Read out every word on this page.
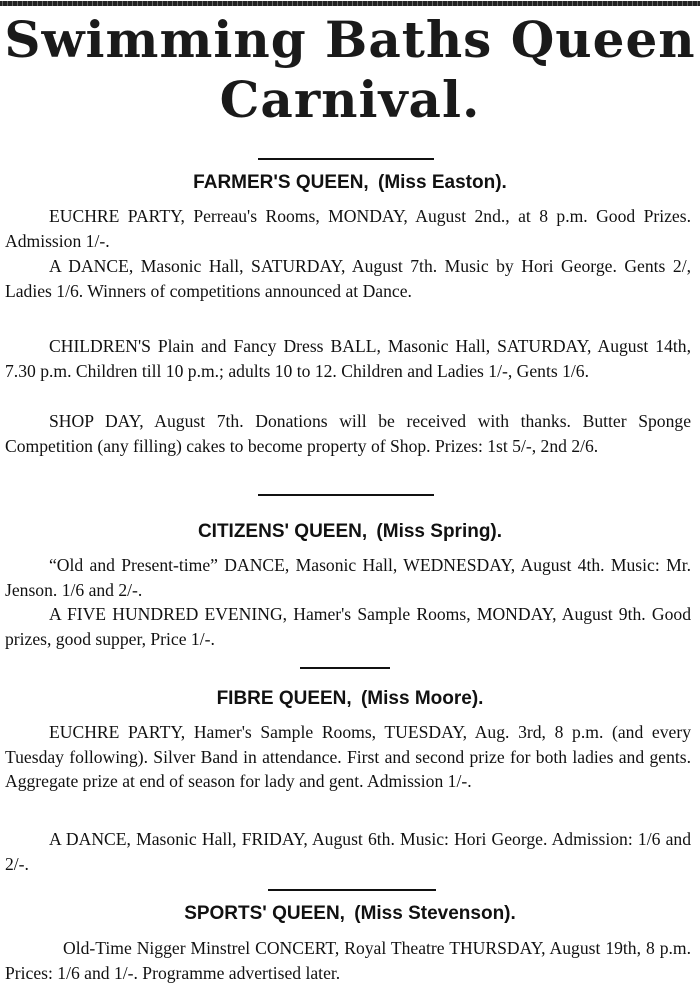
Swimming Baths Queen
Carnival.
FARMER'S QUEEN, (Miss Easton).

EUCHRE PARTY, Perreau's Rooms, MONDAY, August 2nd., at 8 p.m. Good Prizes. Admission 1/-.

A DANCE, Masonic Hall, SATURDAY, August 7th. Music by Hori George. Gents 2/, Ladies 1/6. Winners of competitions announced at Dance.

CHILDREN'S Plain and Fancy Dress BALL, Masonic Hall, SATURDAY, August 14th, 7.30 p.m. Children till 10 p.m.; adults 10 to 12. Children and Ladies 1/-, Gents 1/6.

SHOP DAY, August 7th. Donations will be received with thanks. Butter Sponge Competition (any filling) cakes to become property of Shop. Prizes: 1st 5/-, 2nd 2/6.

CITIZENS' QUEEN, (Miss Spring).

“Old and Present-time” DANCE, Masonic Hall, WEDNESDAY, August 4th. Music: Mr. Jenson. 1/6 and 2/-.

A FIVE HUNDRED EVENING, Hamer's Sample Rooms, MONDAY, August 9th. Good prizes, good supper, Price 1/-.

FIBRE QUEEN, (Miss Moore).

EUCHRE PARTY, Hamer's Sample Rooms, TUESDAY, Aug. 3rd, 8 p.m. (and every Tuesday following). Silver Band in attendance. First and second prize for both ladies and gents. Aggregate prize at end of season for lady and gent. Admission 1/-.

A DANCE, Masonic Hall, FRIDAY, August 6th. Music: Hori George. Admission: 1/6 and 2/-.

SPORTS' QUEEN, (Miss Stevenson).

Old-Time Nigger Minstrel CONCERT, Royal Theatre THURSDAY, August 19th, 8 p.m. Prices: 1/6 and 1/-. Programme advertised later.
